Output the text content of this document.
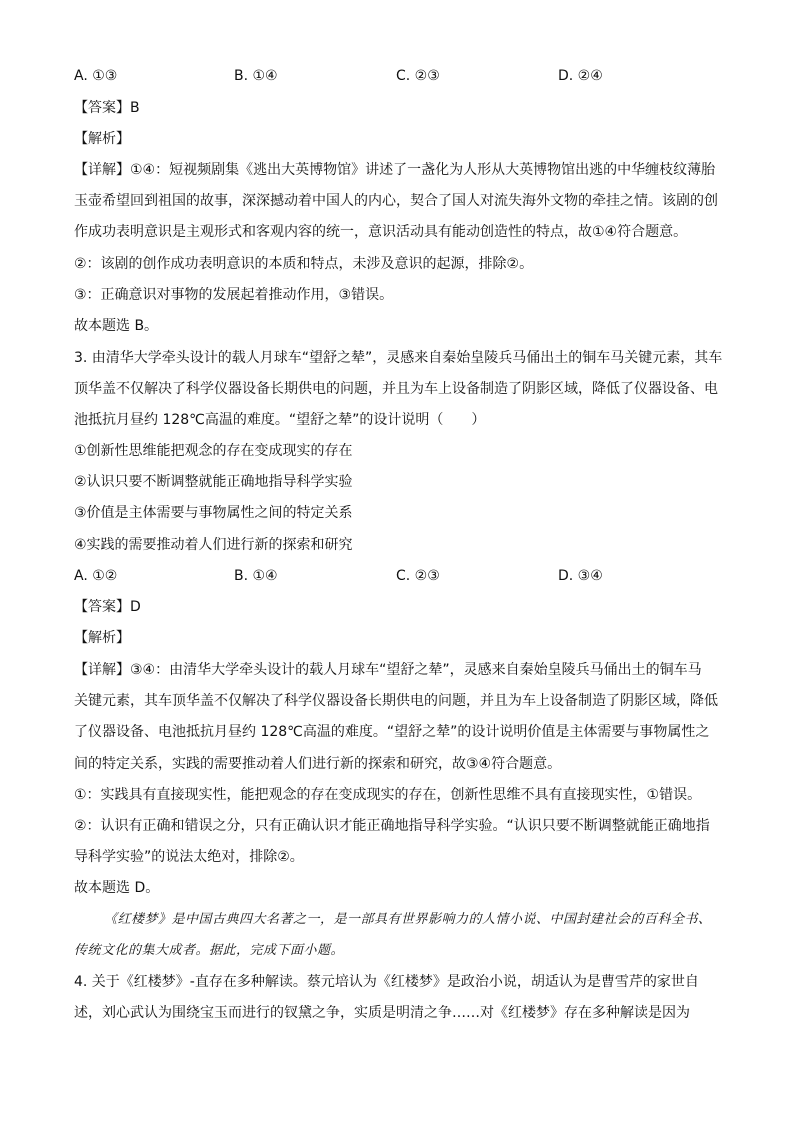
A. ①③	B. ①④	C. ②③	D. ②④
【答案】B
【解析】
【详解】①④：短视频剧集《逃出大英博物馆》讲述了一盏化为人形从大英博物馆出逃的中华缠枝纹薄胎
玉壶希望回到祖国的故事，深深撼动着中国人的内心，契合了国人对流失海外文物的牵挂之情。该剧的创
作成功表明意识是主观形式和客观内容的统一，意识活动具有能动创造性的特点，故①④符合题意。
②：该剧的创作成功表明意识的本质和特点，未涉及意识的起源，排除②。
③：正确意识对事物的发展起着推动作用，③错误。
故本题选 B。
3. 由清华大学牵头设计的载人月球车“望舒之辇”，灵感来自秦始皇陵兵马俑出土的铜车马关键元素，其车
顶华盖不仅解决了科学仪器设备长期供电的问题，并且为车上设备制造了阴影区域，降低了仪器设备、电
池抵抗月昼约 128℃高温的难度。“望舒之辇”的设计说明（　　）
①创新性思维能把观念的存在变成现实的存在
②认识只要不断调整就能正确地指导科学实验
③价值是主体需要与事物属性之间的特定关系
④实践的需要推动着人们进行新的探索和研究
A. ①②	B. ①④	C. ②③	D. ③④
【答案】D
【解析】
【详解】③④：由清华大学牵头设计的载人月球车“望舒之辇”，灵感来自秦始皇陵兵马俑出土的铜车马
关键元素，其车顶华盖不仅解决了科学仪器设备长期供电的问题，并且为车上设备制造了阴影区域，降低
了仪器设备、电池抵抗月昼约 128℃高温的难度。“望舒之辇”的设计说明价值是主体需要与事物属性之
间的特定关系，实践的需要推动着人们进行新的探索和研究，故③④符合题意。
①：实践具有直接现实性，能把观念的存在变成现实的存在，创新性思维不具有直接现实性，①错误。
②：认识有正确和错误之分，只有正确认识才能正确地指导科学实验。“认识只要不断调整就能正确地指
导科学实验”的说法太绝对，排除②。
故本题选 D。
《红楼梦》是中国古典四大名著之一，是一部具有世界影响力的人情小说、中国封建社会的百科全书、
传统文化的集大成者。据此，完成下面小题。
4. 关于《红楼梦》-直存在多种解读。蔡元培认为《红楼梦》是政治小说，胡适认为是曹雪芹的家世自
述，刘心武认为围绕宝玉而进行的钗黛之争，实质是明清之争……对《红楼梦》存在多种解读是因为
